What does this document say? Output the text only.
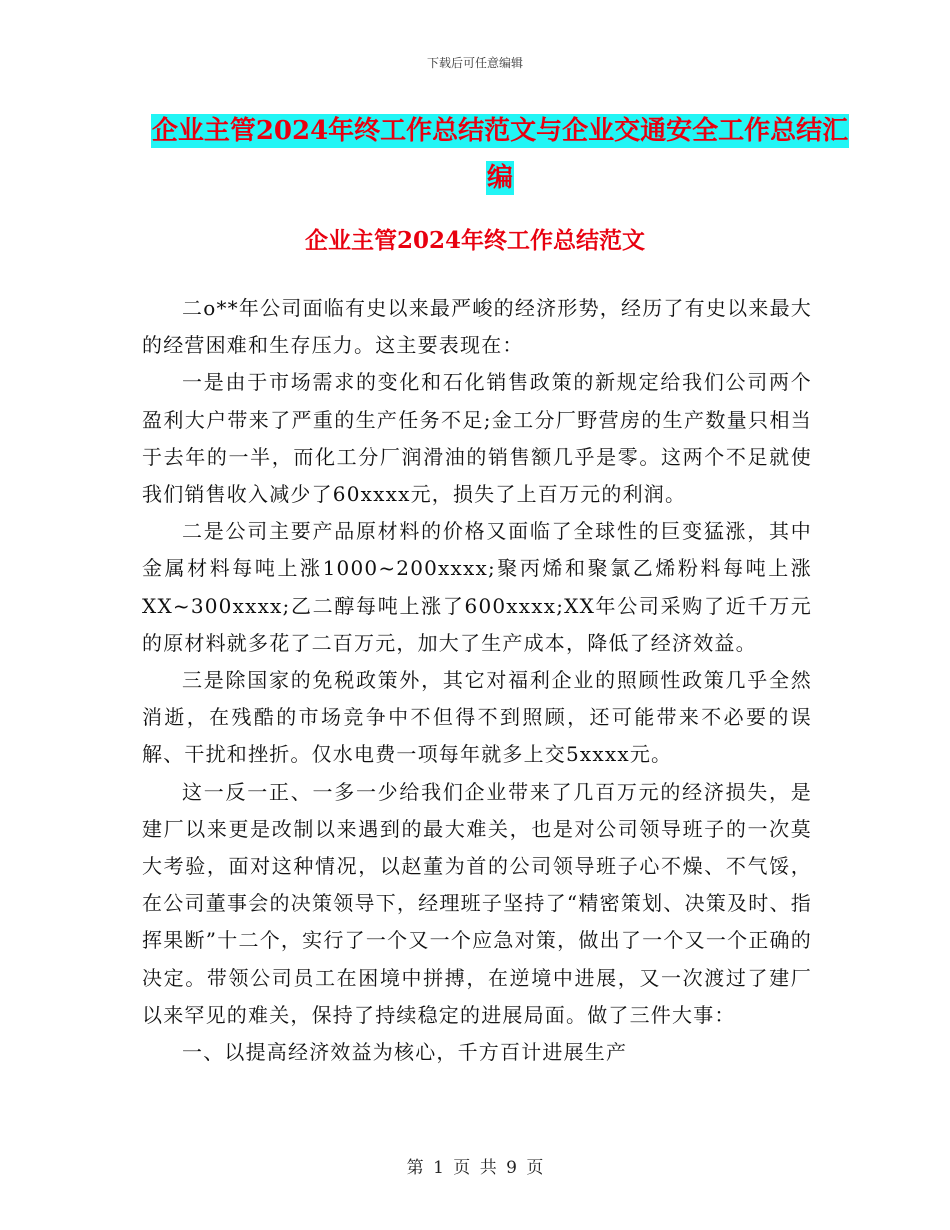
下载后可任意编辑
企业主管2024年终工作总结范文与企业交通安全工作总结汇编
企业主管2024年终工作总结范文

二o**年公司面临有史以来最严峻的经济形势，经历了有史以来最大的经营困难和生存压力。这主要表现在：

一是由于市场需求的变化和石化销售政策的新规定给我们公司两个盈利大户带来了严重的生产任务不足;金工分厂野营房的生产数量只相当于去年的一半，而化工分厂润滑油的销售额几乎是零。这两个不足就使我们销售收入减少了60xxxx元，损失了上百万元的利润。

二是公司主要产品原材料的价格又面临了全球性的巨变猛涨，其中金属材料每吨上涨1000~200xxxx;聚丙烯和聚氯乙烯粉料每吨上涨XX~300xxxx;乙二醇每吨上涨了600xxxx;XX年公司采购了近千万元的原材料就多花了二百万元，加大了生产成本，降低了经济效益。

三是除国家的免税政策外，其它对福利企业的照顾性政策几乎全然消逝，在残酷的市场竞争中不但得不到照顾，还可能带来不必要的误解、干扰和挫折。仅水电费一项每年就多上交5xxxx元。

这一反一正、一多一少给我们企业带来了几百万元的经济损失，是建厂以来更是改制以来遇到的最大难关，也是对公司领导班子的一次莫大考验，面对这种情况，以赵董为首的公司领导班子心不燥、不气馁，在公司董事会的决策领导下，经理班子坚持了“精密策划、决策及时、指挥果断”十二个，实行了一个又一个应急对策，做出了一个又一个正确的决定。带领公司员工在困境中拼搏，在逆境中进展，又一次渡过了建厂以来罕见的难关，保持了持续稳定的进展局面。做了三件大事：

一、以提高经济效益为核心，千方百计进展生产

第 1 页 共 9 页
